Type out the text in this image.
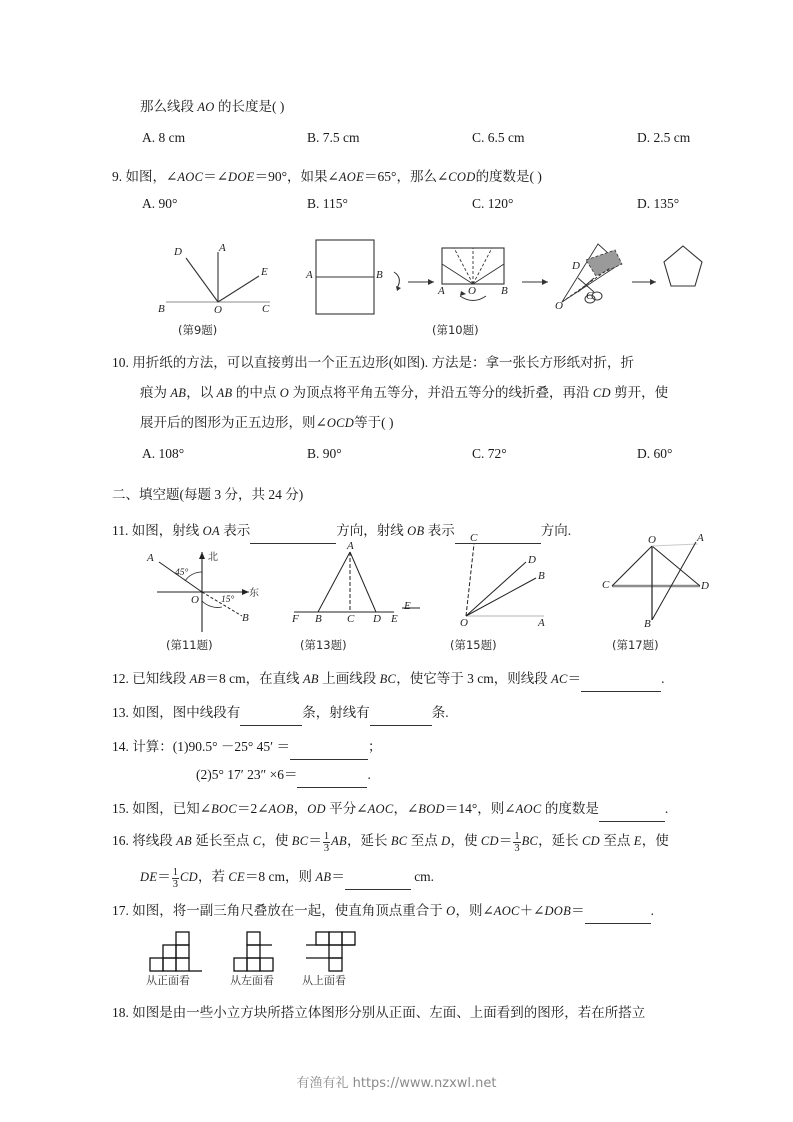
那么线段 AO 的长度是( )
A. 8 cm	B. 7.5 cm	C. 6.5 cm	D. 2.5 cm
9. 如图，∠AOC＝∠DOE＝90°，如果∠AOE＝65°，那么∠COD的度数是( )
A. 90°	B. 115°	C. 120°	D. 135°
D	A
E
B	O	C
(第9题)
A	B
A O B
D
O
C
(第10题)
10. 用折纸的方法，可以直接剪出一个正五边形(如图). 方法是：拿一张长方形纸对折，折
痕为 AB，以 AB 的中点 O 为顶点将平角五等分，并沿五等分的线折叠，再沿 CD 剪开，使
展开后的图形为正五边形，则∠OCD等于( )
A. 108°	B. 90°	C. 72°	D. 60°
二、填空题(每题 3 分，共 24 分)
11. 如图，射线 OA 表示	方向，射线 OB 表示	方向.
A	北
45°
东
O 15°
B
(第11题)
A
F B C D E
(第13题)
C
D
B
E
O	A
(第15题)
O	A
C	D
B
(第17题)
12. 已知线段 AB＝8 cm，在直线 AB 上画线段 BC，使它等于 3 cm，则线段 AC＝	.
13. 如图，图中线段有	条，射线有	条.
14. 计算：(1)90.5° －25° 45′ ＝	；
(2)5° 17′ 23″ ×6＝	.
15. 如图，已知∠BOC＝2∠AOB，OD 平分∠AOC，∠BOD＝14°，则∠AOC 的度数是	.
16. 将线段 AB 延长至点 C，使 $BC= \frac{1}{3}$ AB，延长 BC 至点 D，使 $CD= \frac{1}{3}$ BC，延长 CD 至点 E，使
$DE= \frac{1}{3}$ CD，若 CE＝8 cm，则 AB＝	cm.
17. 如图，将一副三角尺叠放在一起，使直角顶点重合于 O，则∠AOC＋∠DOB＝	.
从正面看	从左面看	从上面看
18. 如图是由一些小立方块所搭立体图形分别从正面、左面、上面看到的图形，若在所搭立
有渔有礼 https://www.nzxwl.net
